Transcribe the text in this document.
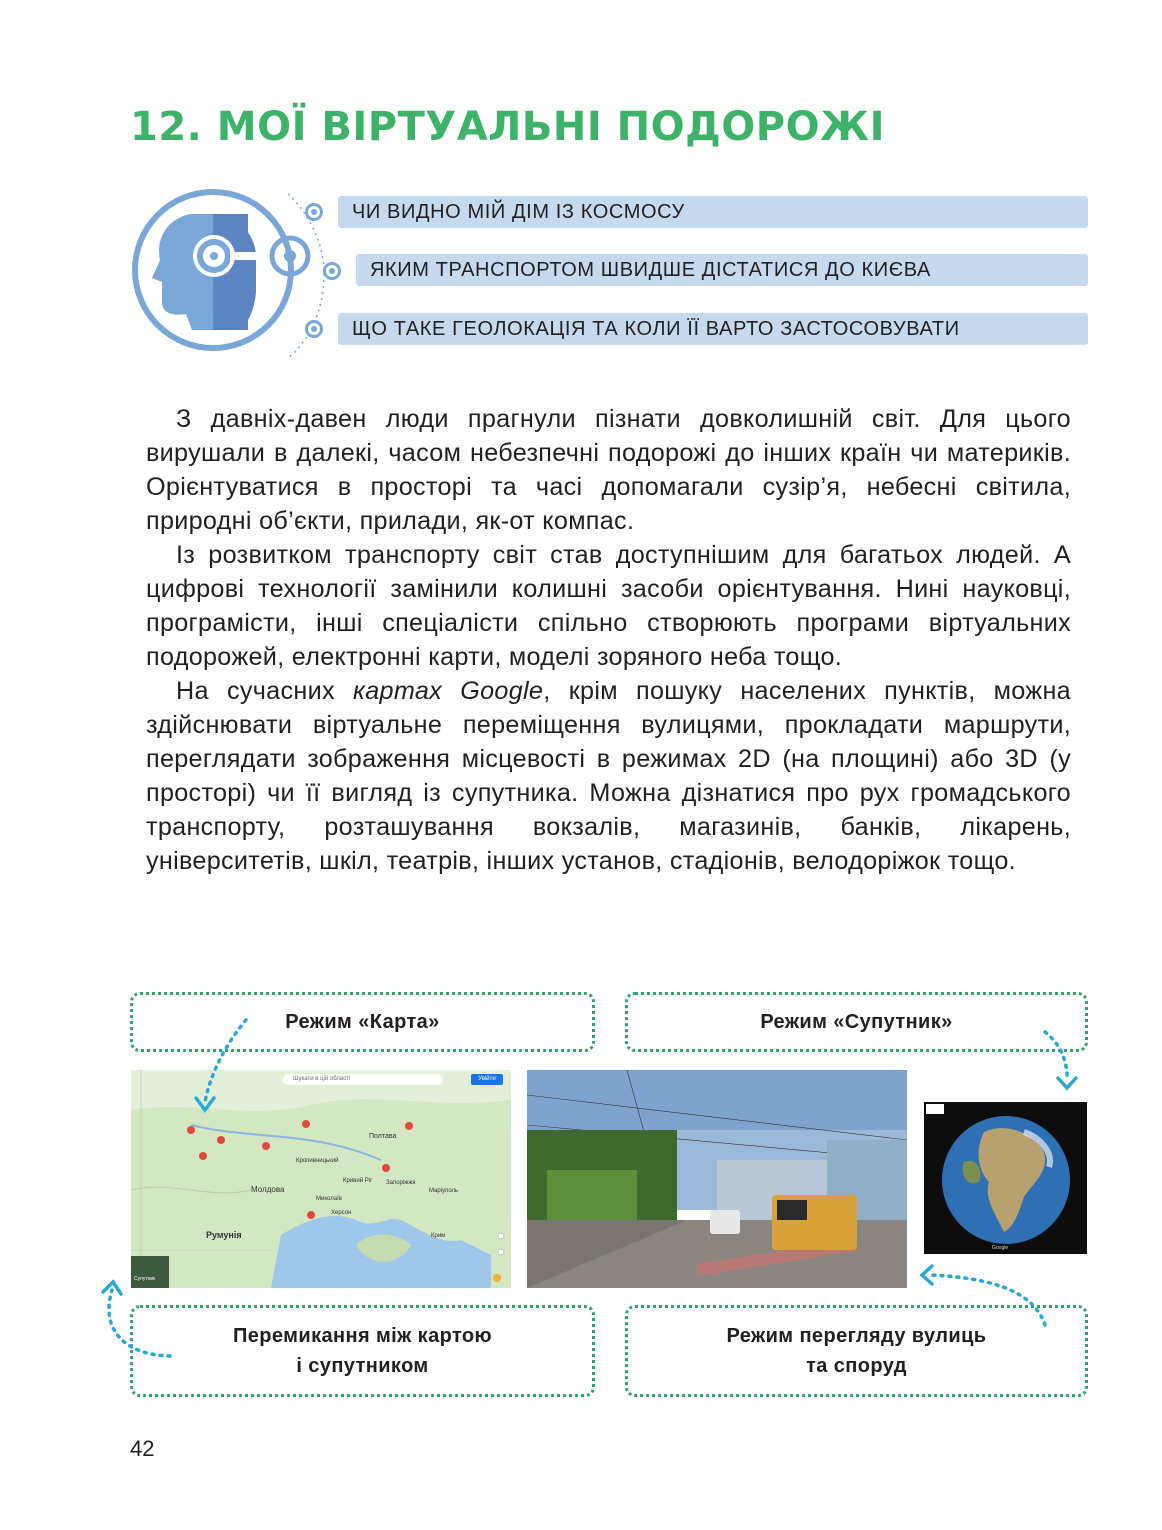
12. МОЇ ВІРТУАЛЬНІ ПОДОРОЖІ
ЧИ ВИДНО МІЙ ДІМ ІЗ КОСМОСУ
ЯКИМ ТРАНСПОРТОМ ШВИДШЕ ДІСТАТИСЯ ДО КИЄВА
ЩО ТАКЕ ГЕОЛОКАЦІЯ ТА КОЛИ ЇЇ ВАРТО ЗАСТОСОВУВАТИ

З давніх-давен люди прагнули пізнати довколишній світ. Для цього вирушали в далекі, часом небезпечні подорожі до інших країн чи материків. Орієнтуватися в просторі та часі допомагали сузір’я, небесні світила, природні об’єкти, прилади, як-от компас.

Із розвитком транспорту світ став доступнішим для багатьох людей. А цифрові технології замінили колишні засоби орієнтування. Нині науковці, програмісти, інші спеціалісти спільно створюють програми віртуальних подорожей, електронні карти, моделі зоряного неба тощо.

На сучасних картах Google, крім пошуку населених пунктів, можна здійснювати віртуальне переміщення вулицями, прокладати маршрути, переглядати зображення місцевості в режимах 2D (на площині) або 3D (у просторі) чи її вигляд із супутника. Можна дізнатися про рух громадського транспорту, розташування вокзалів, магазинів, банків, лікарень, університетів, шкіл, театрів, інших установ, стадіонів, велодоріжок тощо.

Режим «Карта»	Режим «Супутник»
Перемикання між картою
і супутником
Режим перегляду вулиць
та споруд
Шукати в цій області	Увійти
Супутник
Полтава
Молдова
Румунія
Кривий Ріг Запоріжжя
Херсон
Кропивницький
Миколаїв
Маріуполь
Крим
Google
42
